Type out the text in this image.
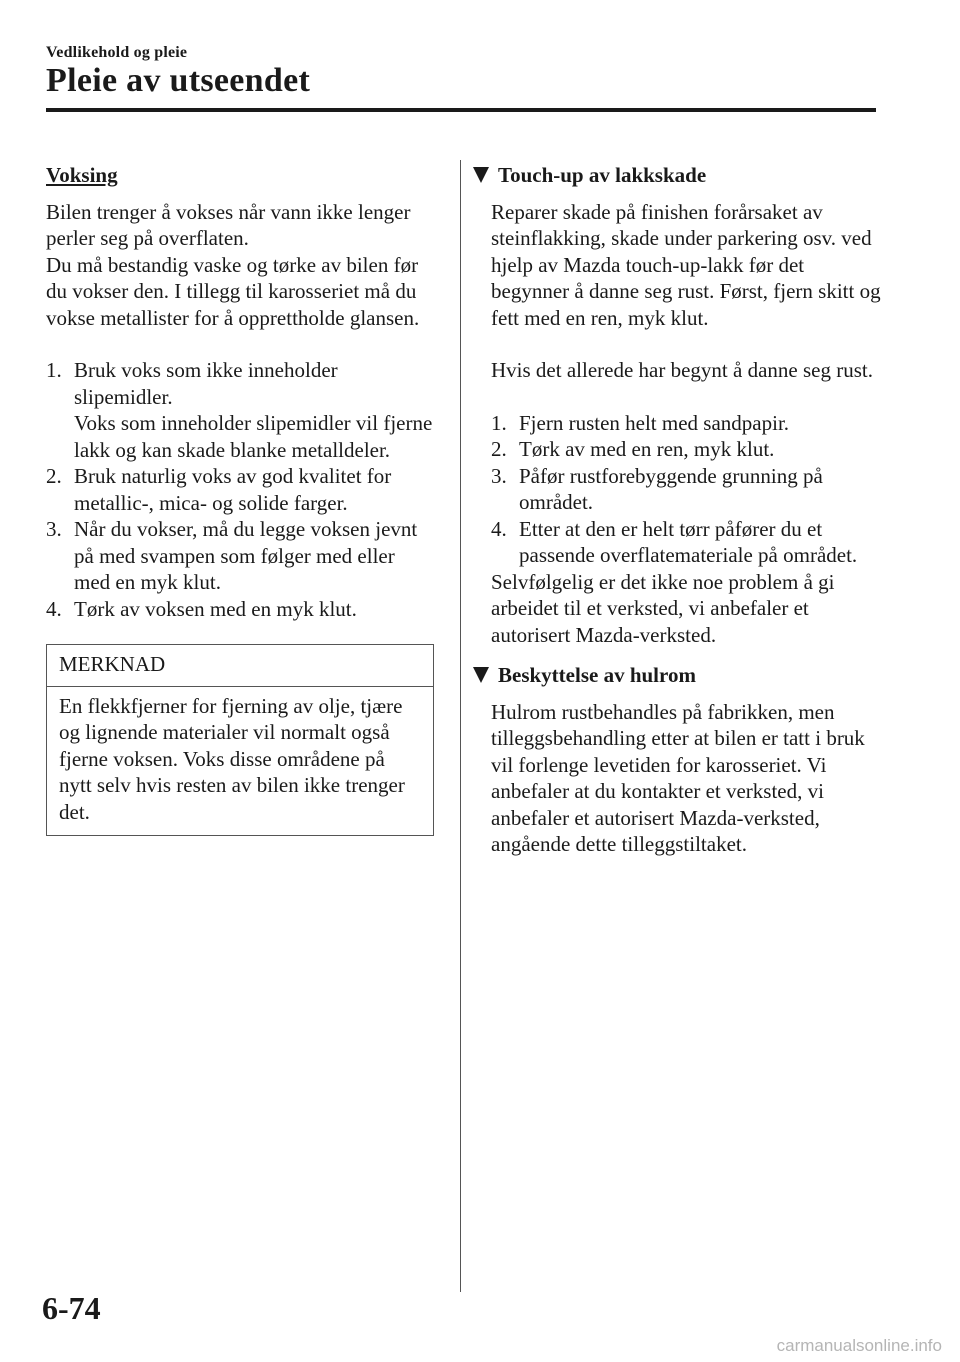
Vedlikehold og pleie
Pleie av utseendet
Voksing

Bilen trenger å vokses når vann ikke lenger perler seg på overflaten.

Du må bestandig vaske og tørke av bilen før du vokser den. I tillegg til karosseriet må du vokse metallister for å opprettholde glansen.

1. Bruk voks som ikke inneholder slipemidler.
Voks som inneholder slipemidler vil fjerne lakk og kan skade blanke metalldeler.
2. Bruk naturlig voks av god kvalitet for metallic-, mica- og solide farger.
3. Når du vokser, må du legge voksen jevnt på med svampen som følger med eller med en myk klut.
4. Tørk av voksen med en myk klut.
MERKNAD
En flekkfjerner for fjerning av olje, tjære og lignende materialer vil normalt også fjerne voksen. Voks disse områdene på nytt selv hvis resten av bilen ikke trenger det.
Touch-up av lakkskade

Reparer skade på finishen forårsaket av steinflakking, skade under parkering osv. ved hjelp av Mazda touch-up-lakk før det begynner å danne seg rust. Først, fjern skitt og fett med en ren, myk klut.

Hvis det allerede har begynt å danne seg rust.

1. Fjern rusten helt med sandpapir.
2. Tørk av med en ren, myk klut.
3. Påfør rustforebyggende grunning på området.
4. Etter at den er helt tørr påfører du et passende overflatemateriale på området.

Selvfølgelig er det ikke noe problem å gi arbeidet til et verksted, vi anbefaler et autorisert Mazda-verksted.

Beskyttelse av hulrom

Hulrom rustbehandles på fabrikken, men tilleggsbehandling etter at bilen er tatt i bruk vil forlenge levetiden for karosseriet. Vi anbefaler at du kontakter et verksted, vi anbefaler et autorisert Mazda-verksted, angående dette tilleggstiltaket.

6-74
carmanualsonline.info
